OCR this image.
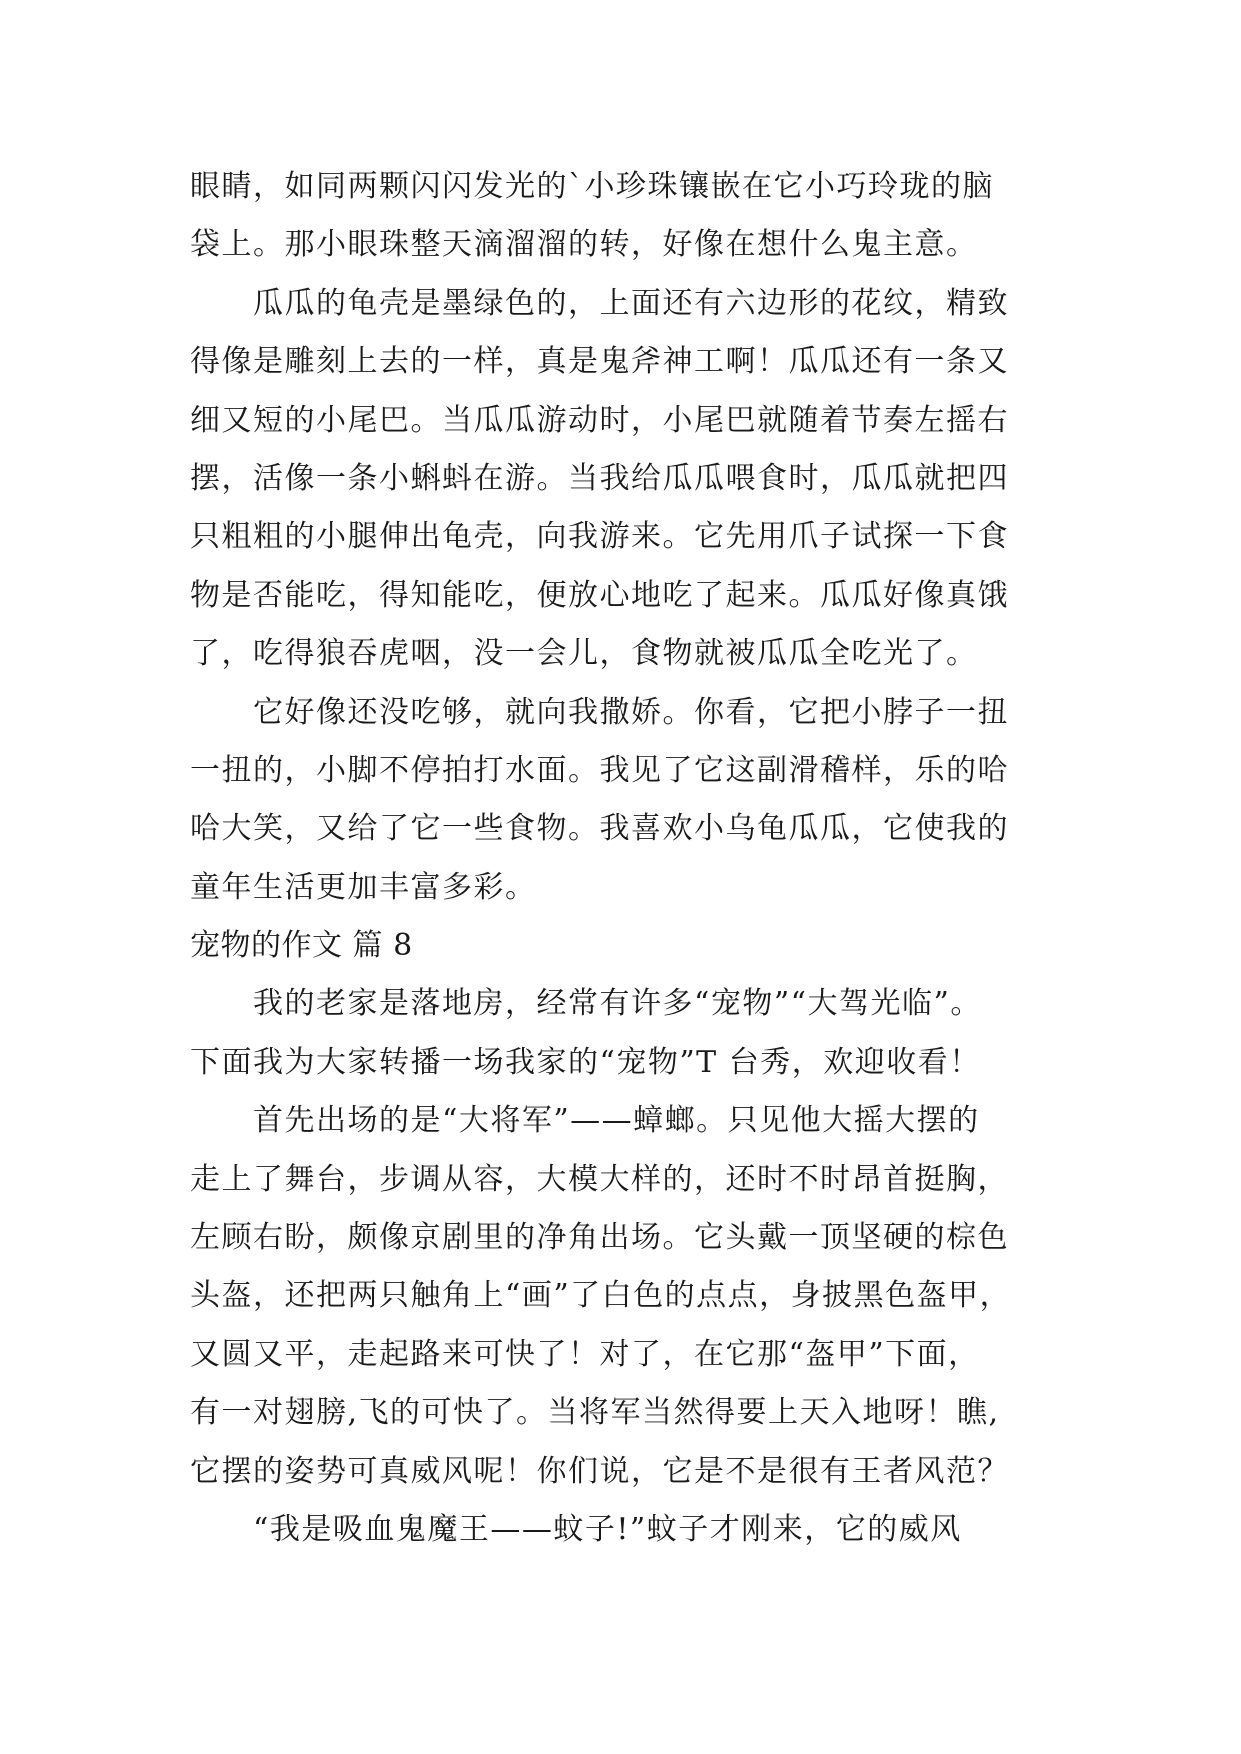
眼睛，如同两颗闪闪发光的`小珍珠镶嵌在它小巧玲珑的脑
袋上。那小眼珠整天滴溜溜的转，好像在想什么鬼主意。
瓜瓜的龟壳是墨绿色的，上面还有六边形的花纹，精致
得像是雕刻上去的一样，真是鬼斧神工啊！瓜瓜还有一条又
细又短的小尾巴。当瓜瓜游动时，小尾巴就随着节奏左摇右
摆，活像一条小蝌蚪在游。当我给瓜瓜喂食时，瓜瓜就把四
只粗粗的小腿伸出龟壳，向我游来。它先用爪子试探一下食
物是否能吃，得知能吃，便放心地吃了起来。瓜瓜好像真饿
了，吃得狼吞虎咽，没一会儿，食物就被瓜瓜全吃光了。
它好像还没吃够，就向我撒娇。你看，它把小脖子一扭
一扭的，小脚不停拍打水面。我见了它这副滑稽样，乐的哈
哈大笑，又给了它一些食物。我喜欢小乌龟瓜瓜，它使我的
童年生活更加丰富多彩。
宠物的作文 篇 8
我的老家是落地房，经常有许多“宠物”“大驾光临”。
下面我为大家转播一场我家的“宠物”T 台秀，欢迎收看！
首先出场的是“大将军”——蟑螂。只见他大摇大摆的
走上了舞台，步调从容，大模大样的，还时不时昂首挺胸，
左顾右盼，颇像京剧里的净角出场。它头戴一顶坚硬的棕色
头盔，还把两只触角上“画”了白色的点点，身披黑色盔甲，
又圆又平，走起路来可快了！对了，在它那“盔甲”下面，
有一对翅膀,飞的可快了。当将军当然得要上天入地呀！瞧,
它摆的姿势可真威风呢！你们说，它是不是很有王者风范？
“我是吸血鬼魔王——蚊子!”蚊子才刚来，它的威风
